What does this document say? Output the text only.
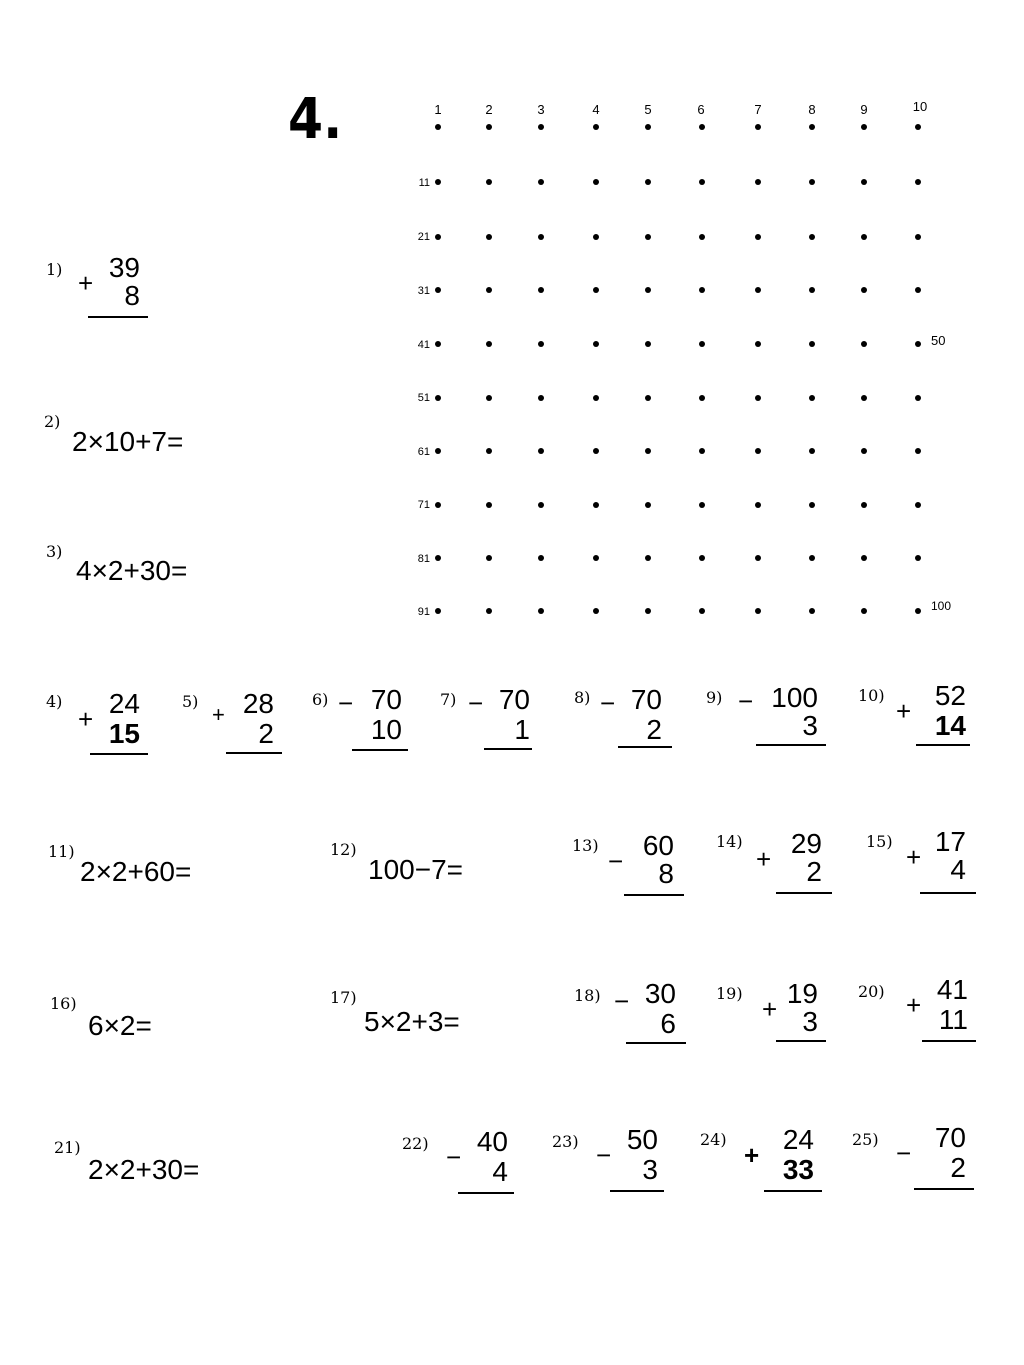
4.	1	2	3	4	5	6	7	8	9	10
11
21
31
41
51
61
71
81
91
50
100
1) + 39
8
2)
2×10+7=
3)
4×2+30=
4)
+ 24
15
5)
+ 28
2
6) − 70
10
7) − 70
1
8) − 70
2
9) − 100
3
10)
+ 52
14
11)
2×2+60=
12)
100−7=
13)
− 60
8
14)
+ 29
2
15)
+ 17
4
16)
6×2=
17)
5×2+3=
18) − 30
6
19)
+ 19
3
20) + 41
11
21)
2×2+30=
22) − 40
4
23) − 50
3
24)
+ 24
33
25) − 70
2
